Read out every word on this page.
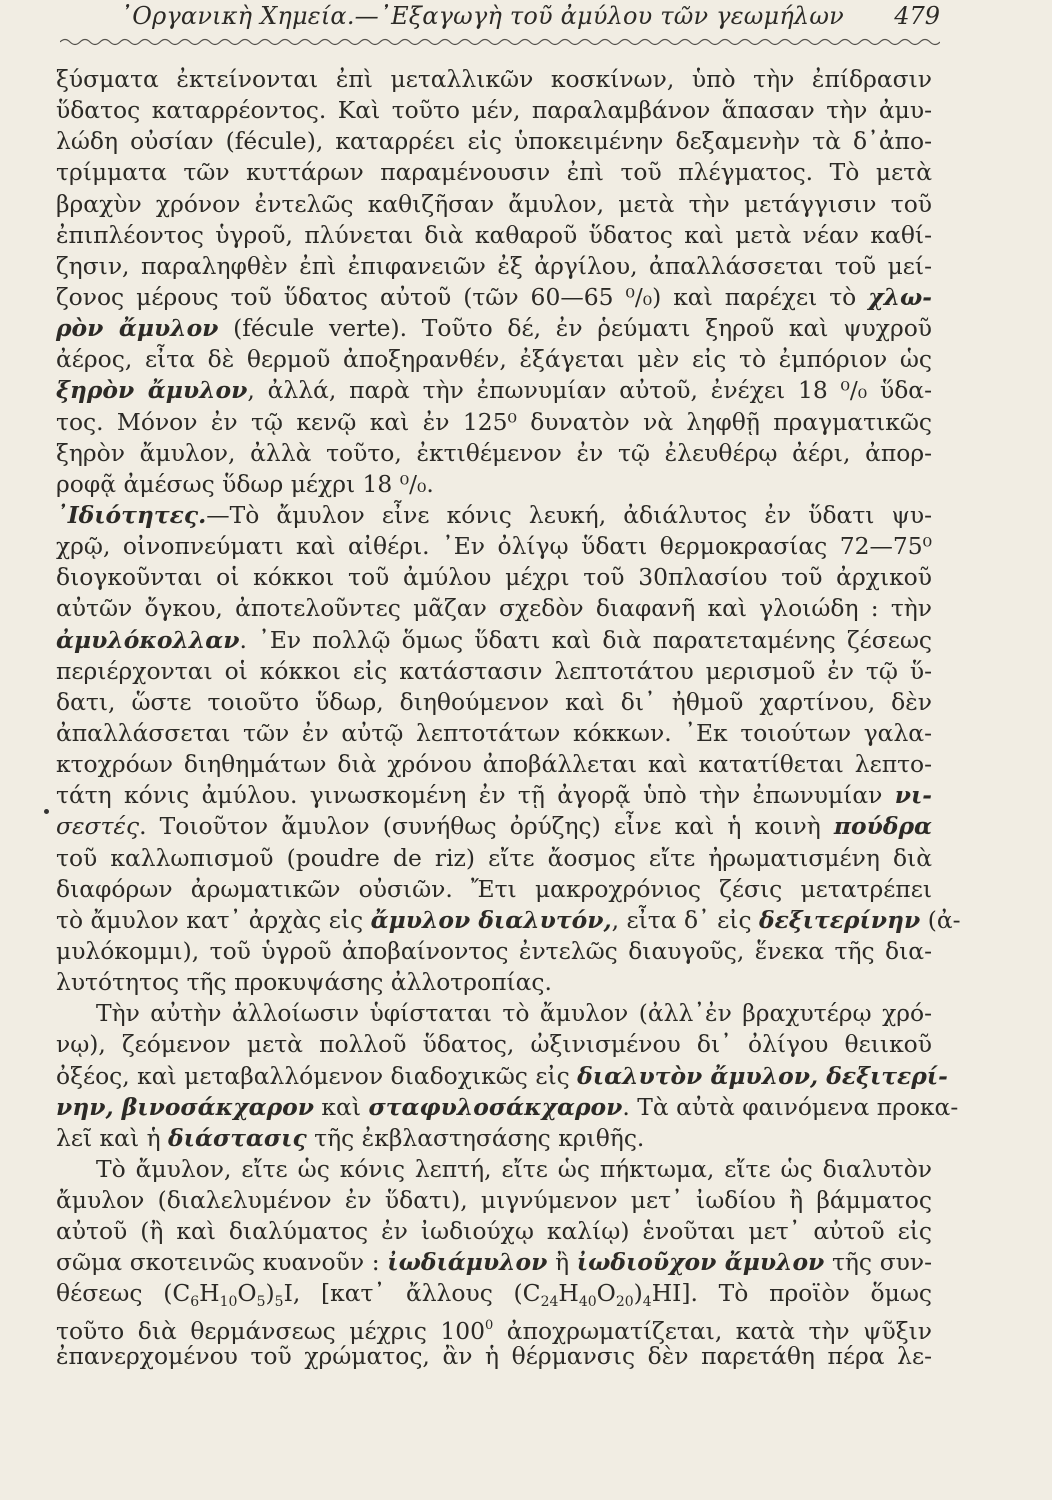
᾽Οργανικὴ Χημεία.—᾽Εξαγωγὴ τοῦ ἀμύλου τῶν γεωμήλων 479
ξύσματα ἐκτείνονται ἐπὶ μεταλλικῶν κοσκίνων, ὑπὸ τὴν ἐπίδρασιν
ὕδατος καταρρέοντος. Καὶ τοῦτο μέν, παραλαμβάνον ἅπασαν τὴν ἀμυ-
λώδη οὐσίαν (fécule), καταρρέει εἰς ὑποκειμένην δεξαμενὴν τὰ δ᾽ἀπο-
τρίμματα τῶν κυττάρων παραμένουσιν ἐπὶ τοῦ πλέγματος. Τὸ μετὰ
βραχὺν χρόνον ἐντελῶς καθιζῆσαν ἄμυλον, μετὰ τὴν μετάγγισιν τοῦ
ἐπιπλέοντος ὑγροῦ, πλύνεται διὰ καθαροῦ ὕδατος καὶ μετὰ νέαν καθί-
ζησιν, παραληφθὲν ἐπὶ ἐπιφανειῶν ἐξ ἀργίλου, ἀπαλλάσσεται τοῦ μεί-
ζονος μέρους τοῦ ὕδατος αὐτοῦ (τῶν 60—65 ⁰/₀) καὶ παρέχει τὸ χλω-
ρὸν ἄμυλον (fécule verte). Τοῦτο δέ, ἐν ῥεύματι ξηροῦ καὶ ψυχροῦ
ἀέρος, εἶτα δὲ θερμοῦ ἀποξηρανθέν, ἐξάγεται μὲν εἰς τὸ ἐμπόριον ὡς
ξηρὸν ἄμυλον, ἀλλά, παρὰ τὴν ἐπωνυμίαν αὐτοῦ, ἐνέχει 18 ⁰/₀ ὕδα-
τος. Μόνον ἐν τῷ κενῷ καὶ ἐν 125⁰ δυνατὸν νὰ ληφθῇ πραγματικῶς
ξηρὸν ἄμυλον, ἀλλὰ τοῦτο, ἐκτιθέμενον ἐν τῷ ἐλευθέρῳ ἀέρι, ἀπορ-
ροφᾷ ἀμέσως ὕδωρ μέχρι 18 ⁰/₀.
᾽Ιδιότητες.—Τὸ ἄμυλον εἶνε κόνις λευκή, ἀδιάλυτος ἐν ὕδατι ψυ-
χρῷ, οἰνοπνεύματι καὶ αἰθέρι. ᾽Εν ὀλίγῳ ὕδατι θερμοκρασίας 72—75⁰
διογκοῦνται οἱ κόκκοι τοῦ ἀμύλου μέχρι τοῦ 30πλασίου τοῦ ἀρχικοῦ
αὐτῶν ὄγκου, ἀποτελοῦντες μᾶζαν σχεδὸν διαφανῆ καὶ γλοιώδη : τὴν
ἀμυλόκολλαν. ᾽Εν πολλῷ ὅμως ὕδατι καὶ διὰ παρατεταμένης ζέσεως
περιέρχονται οἱ κόκκοι εἰς κατάστασιν λεπτοτάτου μερισμοῦ ἐν τῷ ὕ-
δατι, ὥστε τοιοῦτο ὕδωρ, διηθούμενον καὶ δι᾽ ἠθμοῦ χαρτίνου, δὲν
ἀπαλλάσσεται τῶν ἐν αὐτῷ λεπτοτάτων κόκκων. ᾽Εκ τοιούτων γαλα-
κτοχρόων διηθημάτων διὰ χρόνου ἀποβάλλεται καὶ κατατίθεται λεπτο-
τάτη κόνις ἀμύλου. γινωσκομένη ἐν τῇ ἀγορᾷ ὑπὸ τὴν ἐπωνυμίαν νι-
σεστές. Τοιοῦτον ἄμυλον (συνήθως ὀρύζης) εἶνε καὶ ἡ κοινὴ πούδρα
τοῦ καλλωπισμοῦ (poudre de riz) εἴτε ἄοσμος εἴτε ἠρωματισμένη διὰ
διαφόρων ἀρωματικῶν οὐσιῶν. Ἔτι μακροχρόνιος ζέσις μετατρέπει
τὸ ἄμυλον κατ᾽ ἀρχὰς εἰς ἄμυλον διαλυτόν,, εἶτα δ᾽ εἰς δεξιτερίνην (ἀ-
μυλόκομμι), τοῦ ὑγροῦ ἀποβαίνοντος ἐντελῶς διαυγοῦς, ἕνεκα τῆς δια-
λυτότητος τῆς προκυψάσης ἀλλοτροπίας.
Τὴν αὐτὴν ἀλλοίωσιν ὑφίσταται τὸ ἄμυλον (ἀλλ᾽ἐν βραχυτέρῳ χρό-
νῳ), ζεόμενον μετὰ πολλοῦ ὕδατος, ὠξινισμένου δι᾽ ὀλίγου θειικοῦ
ὀξέος, καὶ μεταβαλλόμενον διαδοχικῶς εἰς διαλυτὸν ἄμυλον, δεξιτερί-
νην, βινοσάκχαρον καὶ σταφυλοσάκχαρον. Τὰ αὐτὰ φαινόμενα προκα-
λεῖ καὶ ἡ διάστασις τῆς ἐκβλαστησάσης κριθῆς.
Τὸ ἄμυλον, εἴτε ὡς κόνις λεπτή, εἴτε ὡς πήκτωμα, εἴτε ὡς διαλυτὸν
ἄμυλον (διαλελυμένον ἐν ὕδατι), μιγνύμενον μετ᾽ ἰωδίου ἢ βάμματος
αὐτοῦ (ἢ καὶ διαλύματος ἐν ἰωδιούχῳ καλίῳ) ἑνοῦται μετ᾽ αὐτοῦ εἰς
σῶμα σκοτεινῶς κυανοῦν : ἰωδιάμυλον ἢ ἰωδιοῦχον ἄμυλον τῆς συν-
θέσεως $(C_6H_{10}O_5)_5I$, [κατ᾽ ἄλλους $(C_{24}H_{40}O_{20})_4HI$]. Τὸ προϊὸν ὅμως
τοῦτο διὰ θερμάνσεως μέχρις $100^0$ ἀποχρωματίζεται, κατὰ τὴν ψῦξιν
ἐπανερχομένου τοῦ χρώματος, ἂν ἡ θέρμανσις δὲν παρετάθη πέρα λε-
